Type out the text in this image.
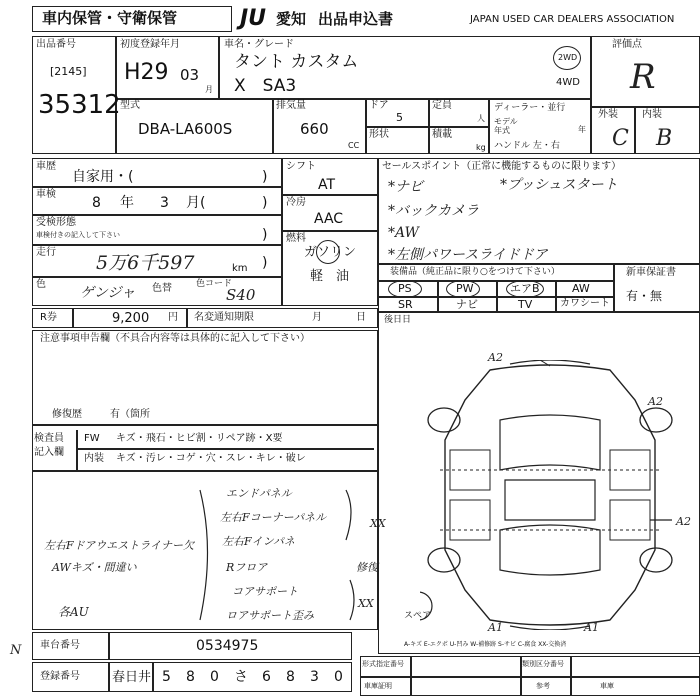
車内保管・守衛保管	JU 愛知 出品申込書	JAPAN USED CAR DEALERS ASSOCIATION
出品番号
[2145]
35312
初度登録年月
H29 03
月
車名・グレード
タント カスタム
X　SA3
2WD
4WD
型式
DBA-LA600S
排気量
660
CC
ドア
5
形状
定員
人
積載
kg
ディーラー・並行
モデル
年式	年
ハンドル 左・右
評価点
R
外装 内装
C B
車歴
自家用・(	)
車検
8 年 3 月(	)
受検形態
車検付きの記入して下さい	)
走行 5万6千597	km )
色
ゲンジャ 色替	色コード
S40
シフト
AT
冷房
AAC
燃料
ガソリン
軽　油
セールスポイント（正常に機能するものに限ります）
*ナビ	*プッシュスタート
*バックカメラ
*AW
*左側パワースライドドア
装備品（純正品に限り○をつけて下さい）
PS	PW	エアB	AW
SR	ナビ	TV	カワシート
新車保証書
有・無
R券	9,200 円 名変通知期限	月	日
注意事項申告欄（不具合内容等は具体的に記入して下さい）
修復歴	有（箇所
検査員
記入欄
FW キズ・飛石・ヒビ割・リペア跡・X要
内装 キズ・汚レ・コゲ・穴・スレ・キレ・破レ
左右Fドアウエストライナー欠
AWキズ・間違い
各AU
エンドパネル
左右Fコーナーパネル
左右Fインパネ
Rフロア
コアサポート
ロアサポート歪み
XX
修復
XX
N
後日日
A2
A2
A2
A1	A1
スペア
A-キズ E-エクボ U-凹み W-補修跡 S-サビ C-腐食 XX-交換済
車台番号	0534975
登録番号 春日井 5 8 0 さ 6 8 3 0
形式指定番号	類別区分番号
車庫証明	参考	車庫
